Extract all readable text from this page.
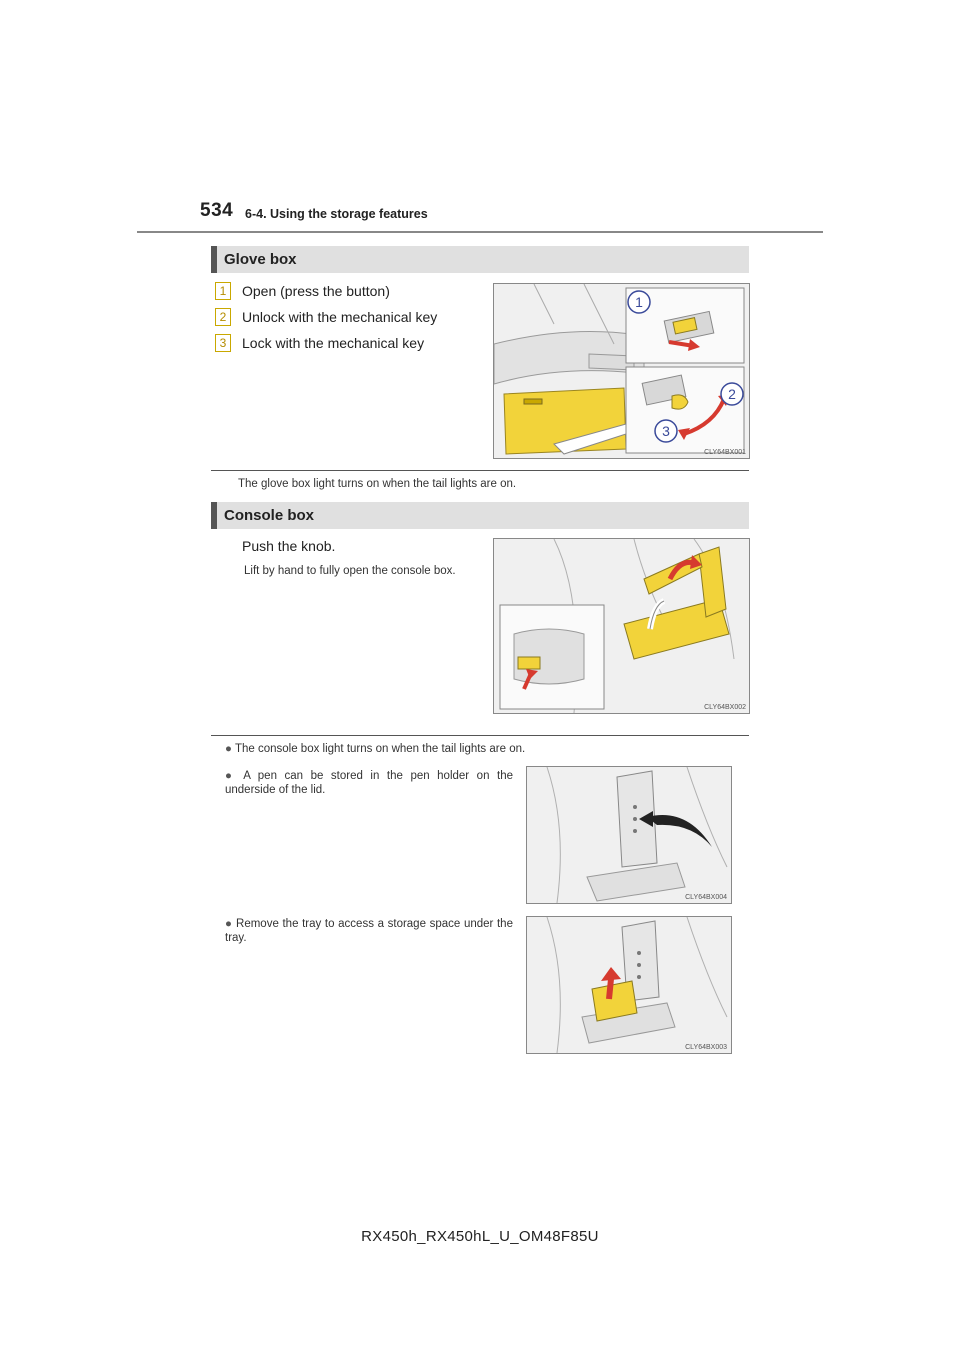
534 6-4. Using the storage features
Glove box
1	Open (press the button)
2	Unlock with the mechanical key
3	Lock with the mechanical key
1
2
3
CLY64BX001
The glove box light turns on when the tail lights are on.
Console box
Push the knob.
Lift by hand to fully open the console box.
CLY64BX002
● The console box light turns on when the tail lights are on.
● A pen can be stored in the pen holder on the underside of the lid.
CLY64BX004
● Remove the tray to access a storage space under the tray.
CLY64BX003
RX450h_RX450hL_U_OM48F85U
